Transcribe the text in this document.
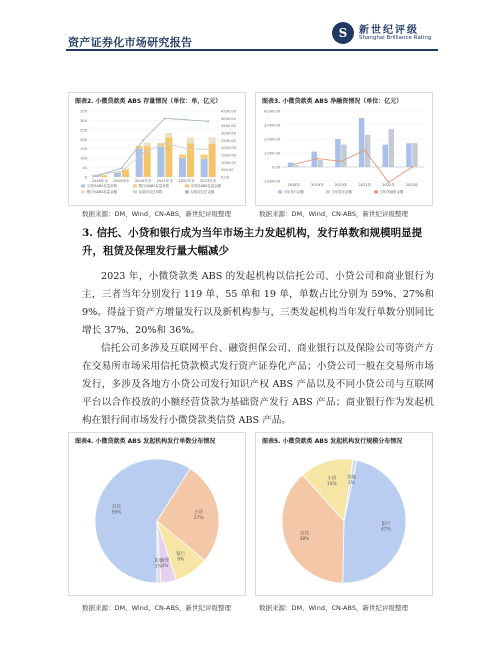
资产证券化市场研究报告
S	新世纪评级
Shanghai Brilliance Rating
图表2. 小微贷款类 ABS 存量情况（单位：单，亿元）
0
50
100
150
200
250
300
350
0.00
500.00
1000.00
1500.00
2000.00
2500.00
3000.00
3500.00
4000.00
4500.00
2018年末 2019年末 2020年末 2021年末 2022年末 2023年末
交易所ABS存量单数	银行间ABS存量单数	交易所ABS存量金额
银行间ABS存量金额	存续项目总单数	存续项目总金额
数据来源：DM、Wind、CN-ABS，新世纪评级整理
图表3. 小微贷款类 ABS 净融资情况（单位：亿元）
-1,000.00
0.00
1,000.00
2,000.00
3,000.00
4,000.00
2018年	2019年	2020年	2021年	2022年	2023年
当年发行金额	当年偿还金额	当年净融资金额
数据来源：DM、Wind、CN-ABS，新世纪评级整理
3. 信托、小贷和银行成为当年市场主力发起机构，发行单数和规模明显提升，租赁及保理发行量大幅减少
2023 年，小微贷款类 ABS 的发起机构以信托公司、小贷公司和商业银行为主，三者当年分别发行 119 单、55 单和 19 单，单数占比分别为 59%、27%和 9%。得益于资产方增量发行以及新机构参与，三类发起机构当年发行单数分别同比增长 37%、20%和 36%。
信托公司多涉及互联网平台、融资担保公司、商业银行以及保险公司等资产方在交易所市场采用信托贷款模式发行资产证券化产品；小贷公司一般在交易所市场发行，多涉及各地方小贷公司发行知识产权 ABS 产品以及不同小贷公司与互联网平台以合作投放的小额经营贷款为基础资产发行 ABS 产品；商业银行作为发起机构在银行间市场发行小微贷款类信贷 ABS 产品。
图表4. 小微贷款类 ABS 发起机构发行单数分布情况
信托
59%	小贷
27%
银行
9%
保理
4%
其他
1%
数据来源：DM、Wind、CN-ABS，新世纪评级整理
图表5. 小微贷款类 ABS 发起机构发行规模分布情况
银行
47%
信托
38%
小贷
14%
其他
1%
数据来源：DM、Wind、CN-ABS，新世纪评级整理
